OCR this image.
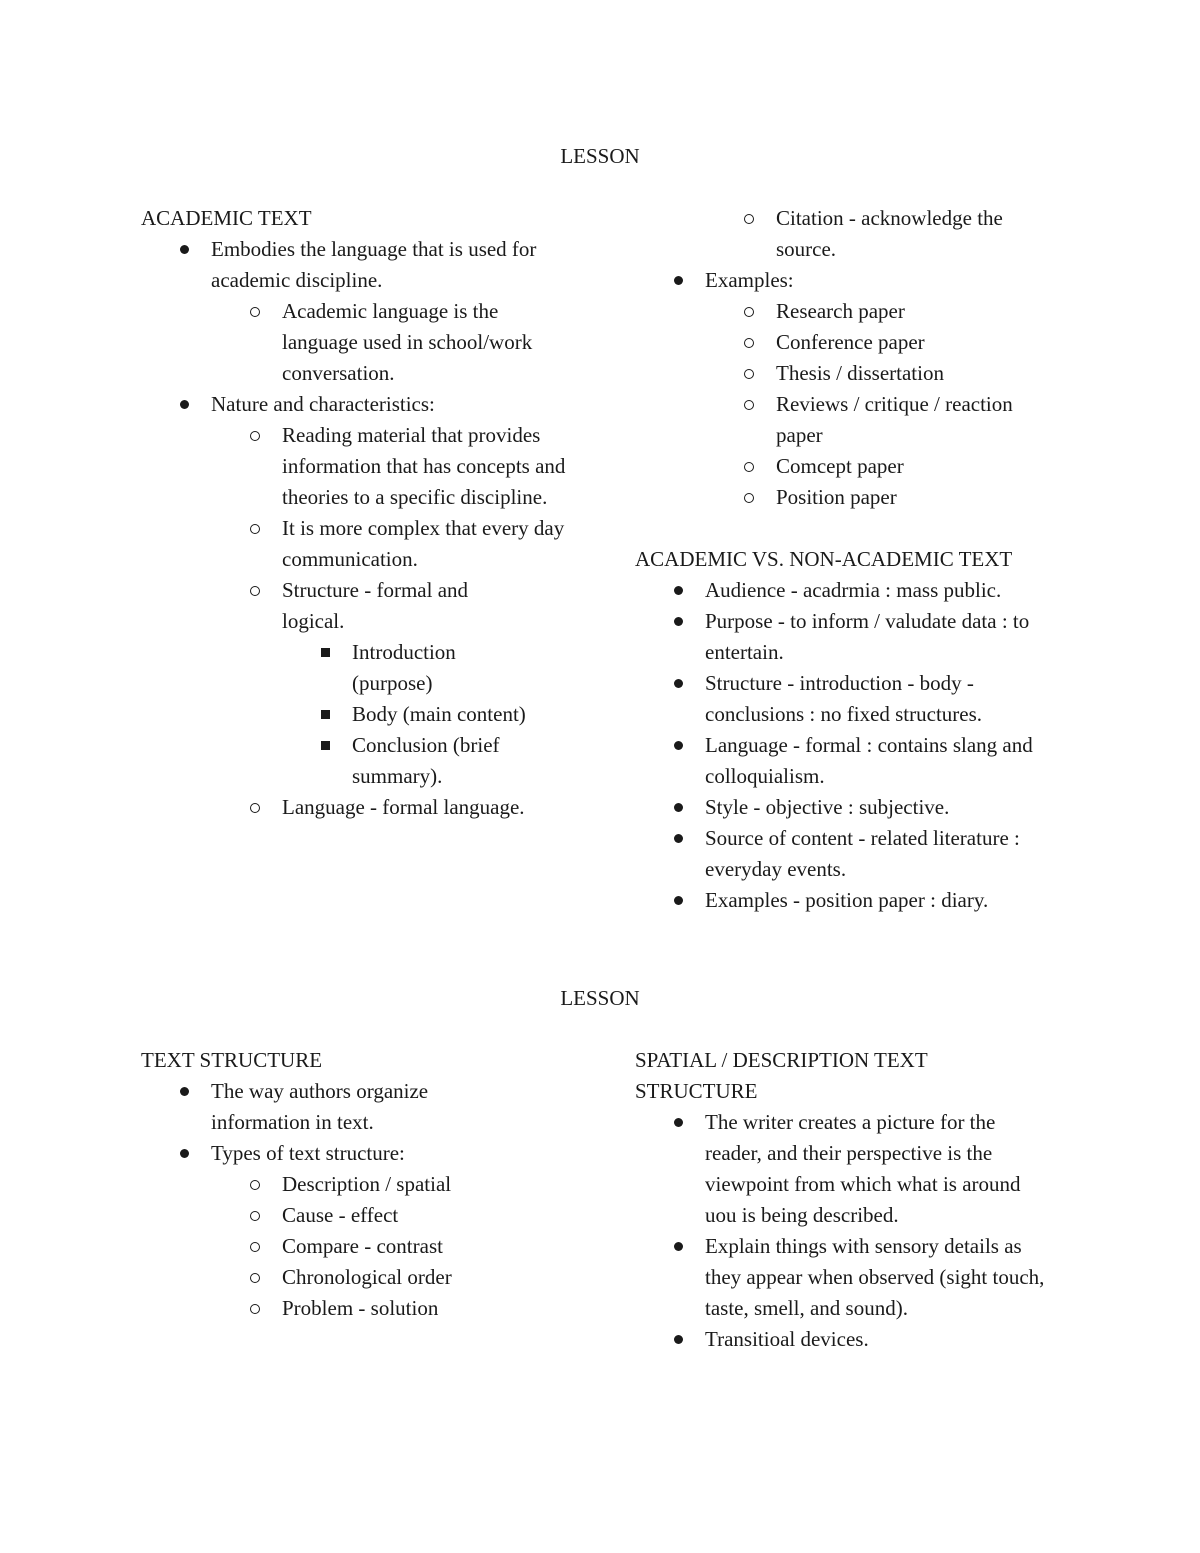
LESSON

ACADEMIC TEXT

Embodies the language that is used for academic discipline.
Academic language is the language used in school/work conversation.
Nature and characteristics:
Reading material that provides information that has concepts and theories to a specific discipline.
It is more complex that every day communication.
Structure - formal and logical.
Introduction (purpose)
Body (main content)
Conclusion (brief summary).
Language - formal language.
Citation - acknowledge the source.
Examples:
Research paper
Conference paper
Thesis / dissertation
Reviews / critique / reaction paper
Comcept paper
Position paper

ACADEMIC VS. NON-ACADEMIC TEXT

Audience - acadrmia : mass public.
Purpose - to inform / valudate data : to entertain.
Structure - introduction - body - conclusions : no fixed structures.
Language - formal : contains slang and colloquialism.
Style - objective : subjective.
Source of content - related literature : everyday events.
Examples - position paper : diary.
LESSON

TEXT STRUCTURE

The way authors organize information in text.
Types of text structure:
Description / spatial
Cause - effect
Compare - contrast
Chronological order
Problem - solution

SPATIAL / DESCRIPTION TEXT STRUCTURE

The writer creates a picture for the reader, and their perspective is the viewpoint from which what is around uou is being described.
Explain things with sensory details as they appear when observed (sight touch, taste, smell, and sound).
Transitioal devices.
